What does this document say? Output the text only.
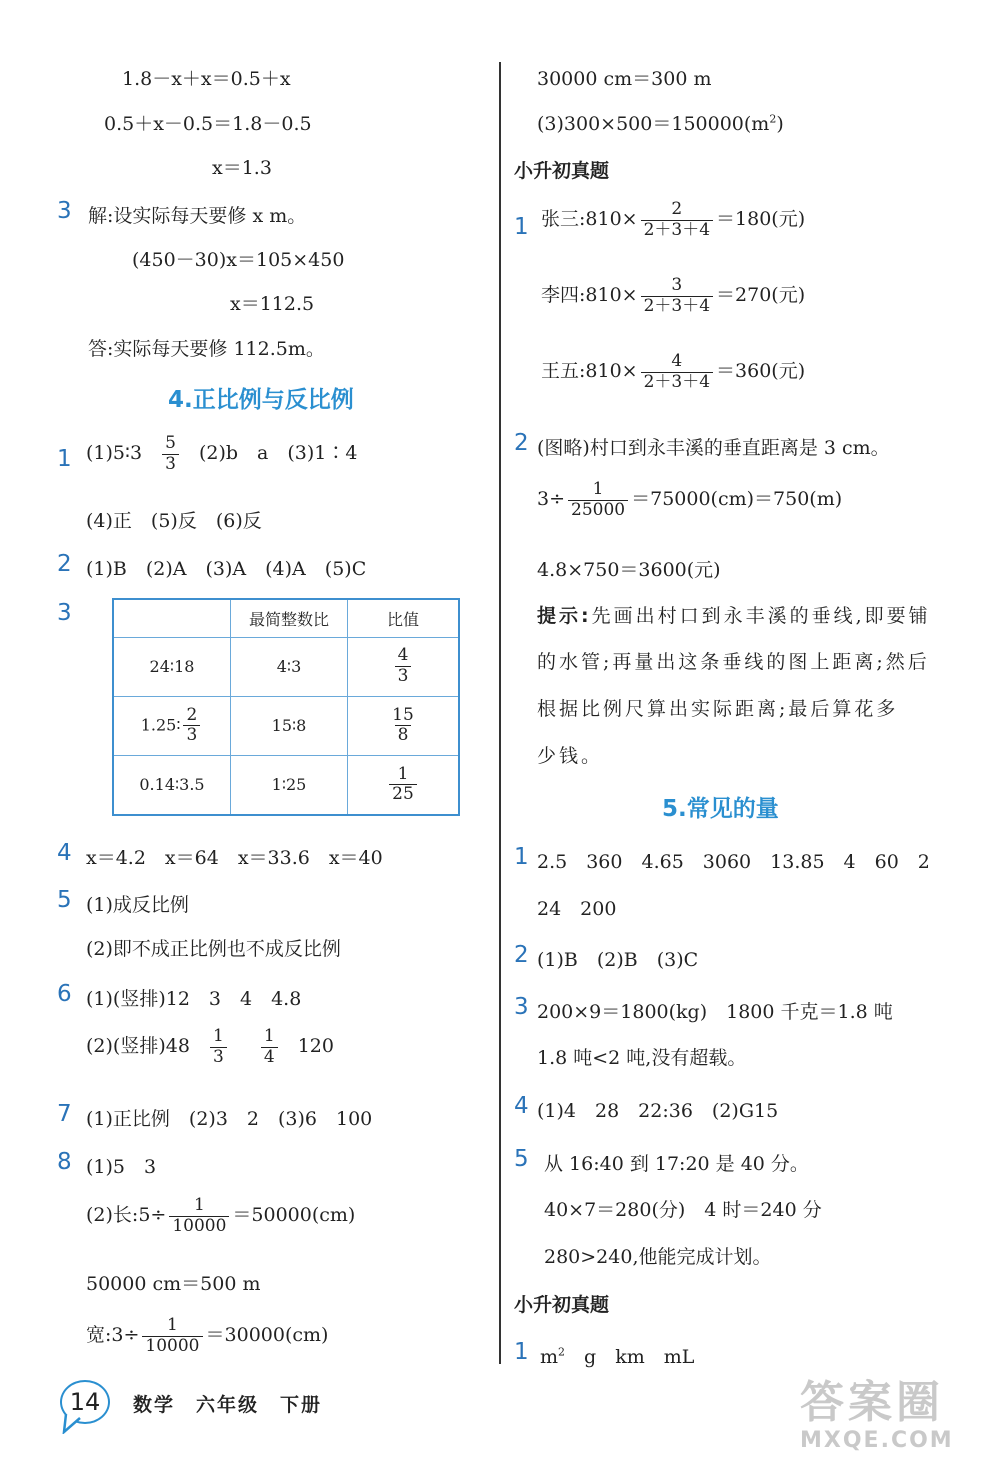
1.8－x＋x＝0.5＋x
0.5＋x－0.5＝1.8－0.5
x＝1.3
3 解:设实际每天要修 x m。
(450－30)x＝105×450
x＝112.5
答:实际每天要修 112.5m。
4.正比例与反比例
1 (1)5∶3 $\frac{5}{3} (2)b$　a　(3)1∶4
(4)正　(5)反　(6)反
2 (1)B　(2)A　(3)A　(4)A　(5)C
3
		最简整数比	比值
24∶18	4∶3	$\frac{4}{3}$

1.25∶ $\frac{2}{3}$	15∶8	$\frac{15}{8}$

0.14∶3.5	1∶25	$\frac{1}{25}$
4 x＝4.2　x＝64　x＝33.6　x＝40
5 (1)成反比例
(2)即不成正比例也不成反比例
6 (1)(竖排)12　3　4　4.8
(2)(竖排)$48 \frac{1}{3}$
$\frac{1}{4} 120$
7 (1)正比例　(2)3　2　(3)6　100
8 (1)5　3
(2)长:5÷ $\frac{1}{10000} =50000(cm)$
50000 cm＝500 m
宽:3÷ $\frac{1}{10000} =30000(cm)$
30000 cm＝300 m
$(3)300\times 500=150000(m^2)$
小升初真题
1 张三:810× $\frac{2}{2+3+4} =180$(元)
李四:810× $\frac{3}{2+3+4} =270$(元)
王五:810× $\frac{4}{2+3+4} =360$(元)
2 (图略)村口到永丰溪的垂直距离是 3 cm。
$3\div \frac{1}{25000} =75000(cm)=750(m)$
4.8×750＝3600(元)
提示:先画出村口到永丰溪的垂线,即要铺
的水管;再量出这条垂线的图上距离;然后
根据比例尺算出实际距离;最后算花多
少钱。
5.常见的量
1 2.5　360　4.65　3060　13.85　4　60　2
24　200
2 (1)B　(2)B　(3)C
3 200×9＝1800(kg)　1800 千克＝1.8 吨
1.8 吨<2 吨,没有超载。
4 (1)4　28　22:36　(2)G15
5 从 16:40 到 17:20 是 40 分。
40×7＝280(分)　4 时＝240 分
280>240,他能完成计划。
小升初真题
1 $m^2$　g　km　mL
14 数学　六年级　下册	答案圈
MXQE.COM
